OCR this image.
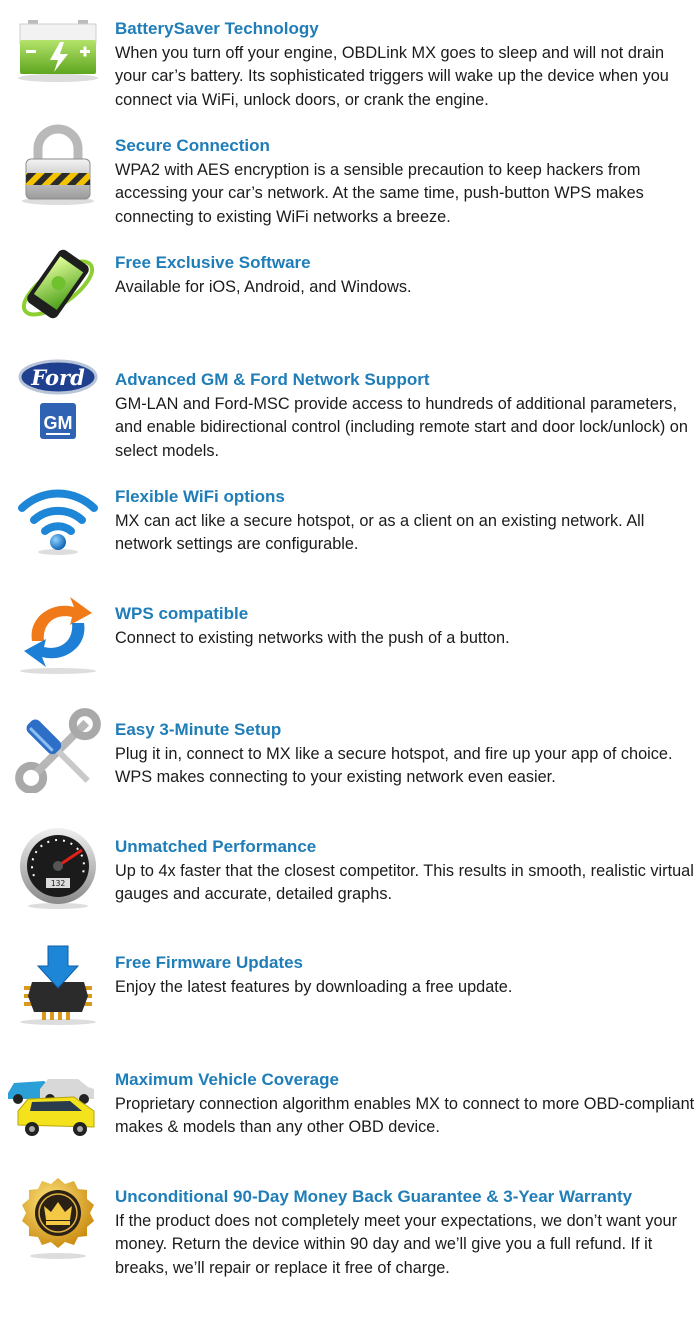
BatterySaver Technology
When you turn off your engine, OBDLink MX goes to sleep and will not drain your car’s battery. Its sophisticated triggers will wake up the device when you connect via WiFi, unlock doors, or crank the engine.
Secure Connection
WPA2 with AES encryption is a sensible precaution to keep hackers from accessing your car’s network. At the same time, push-button WPS makes connecting to existing WiFi networks a breeze.
Free Exclusive Software
Available for iOS, Android, and Windows.
Ford
GM
Advanced GM & Ford Network Support
GM-LAN and Ford-MSC provide access to hundreds of additional parameters, and enable bidirectional control (including remote start and door lock/unlock) on select models.
Flexible WiFi options
MX can act like a secure hotspot, or as a client on an existing network. All network settings are configurable.
WPS compatible
Connect to existing networks with the push of a button.
Easy 3-Minute Setup
Plug it in, connect to MX like a secure hotspot, and fire up your app of choice. WPS makes connecting to your existing network even easier.
132
Unmatched Performance
Up to 4x faster that the closest competitor. This results in smooth, realistic virtual gauges and accurate, detailed graphs.
Free Firmware Updates
Enjoy the latest features by downloading a free update.
Maximum Vehicle Coverage
Proprietary connection algorithm enables MX to connect to more OBD-compliant makes & models than any other OBD device.
Unconditional 90-Day Money Back Guarantee & 3-Year Warranty
If the product does not completely meet your expectations, we don’t want your money. Return the device within 90 day and we’ll give you a full refund. If it breaks, we’ll repair or replace it free of charge.
